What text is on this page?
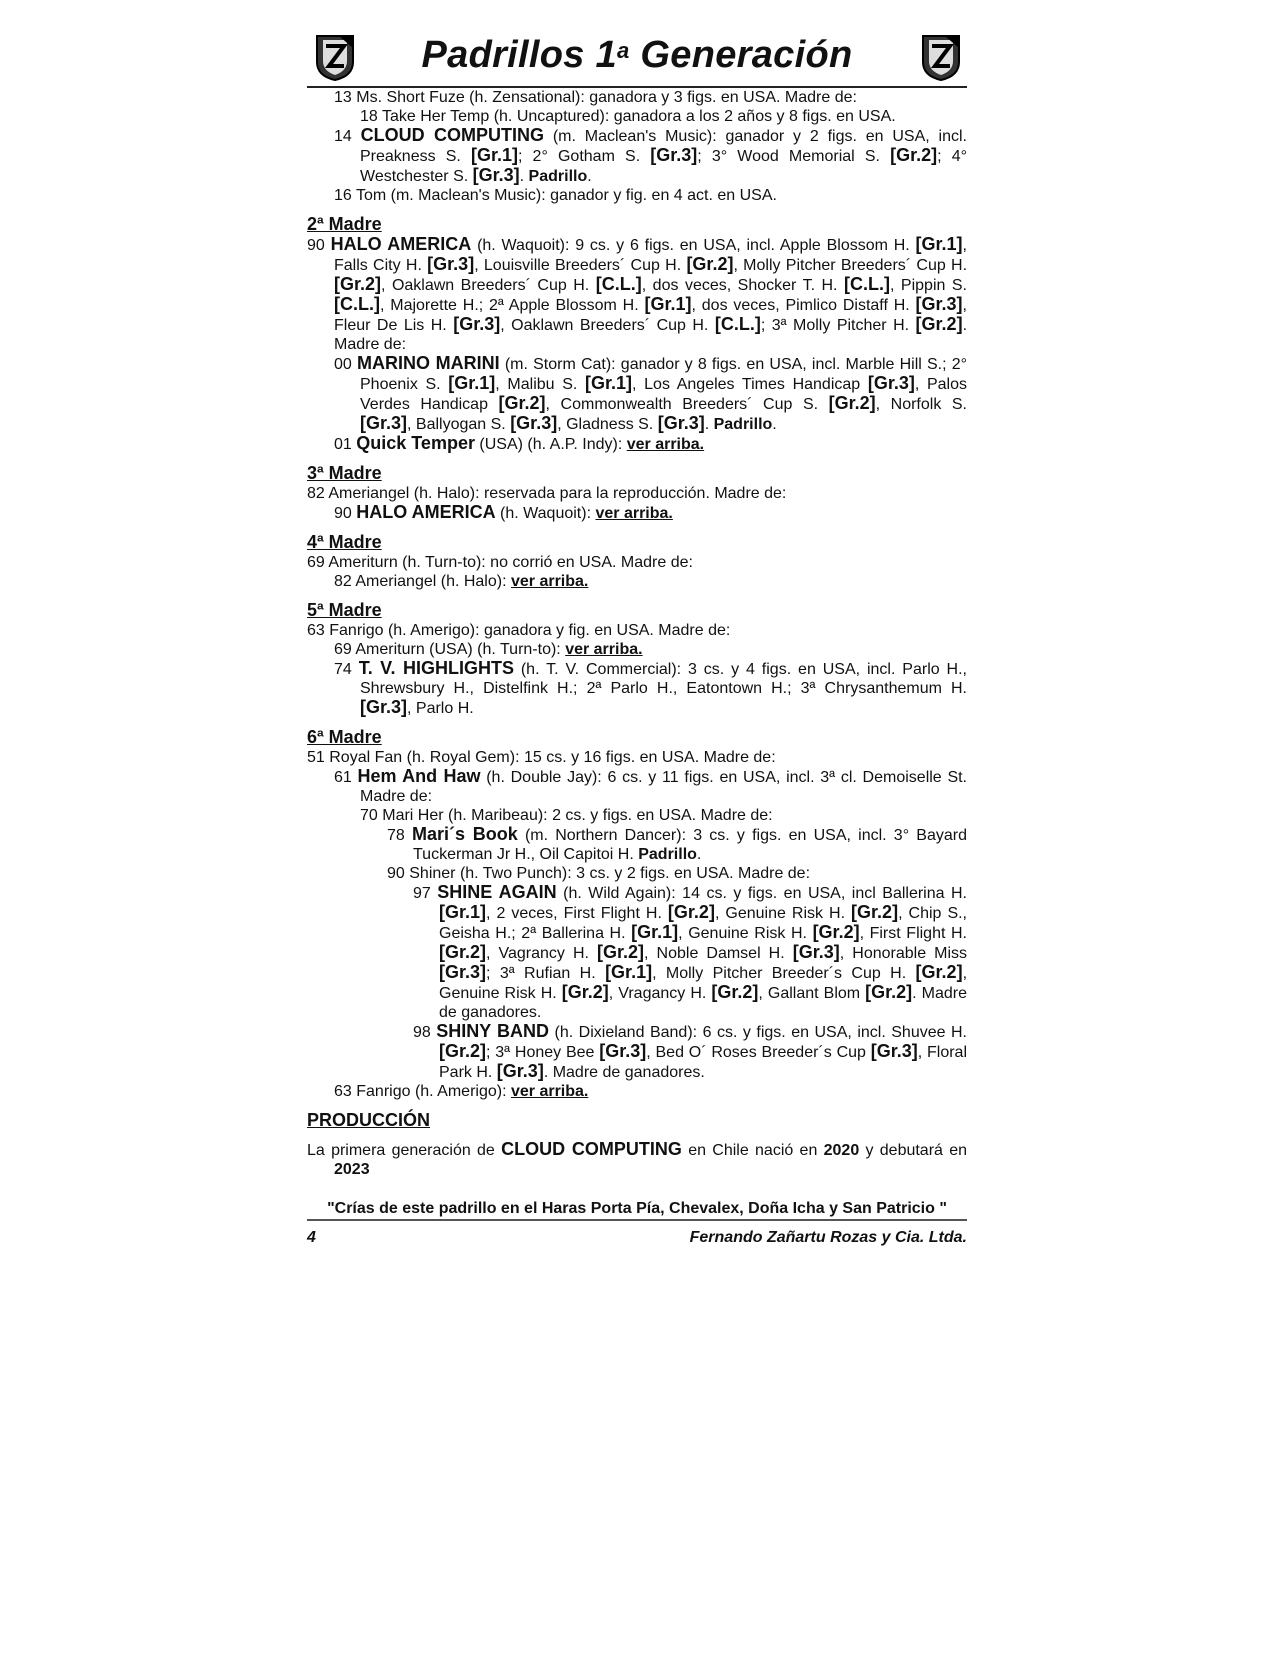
Padrillos 1$^a$ Generación

13 Ms. Short Fuze (h. Zensational): ganadora y 3 figs. en USA. Madre de:

18 Take Her Temp (h. Uncaptured): ganadora a los 2 años y 8 figs. en USA.

14 CLOUD COMPUTING (m. Maclean's Music): ganador y 2 figs. en USA, incl. Preakness S. [Gr.1]; 2° Gotham S. [Gr.3]; 3° Wood Memorial S. [Gr.2]; 4° Westchester S. [Gr.3]. Padrillo.

16 Tom (m. Maclean's Music): ganador y fig. en 4 act. en USA.

2ª Madre

90 HALO AMERICA (h. Waquoit): 9 cs. y 6 figs. en USA, incl. Apple Blossom H. [Gr.1], Falls City H. [Gr.3], Louisville Breeders´ Cup H. [Gr.2], Molly Pitcher Breeders´ Cup H. [Gr.2], Oaklawn Breeders´ Cup H. [C.L.], dos veces, Shocker T. H. [C.L.], Pippin S. [C.L.], Majorette H.; 2ª Apple Blossom H. [Gr.1], dos veces, Pimlico Distaff H. [Gr.3], Fleur De Lis H. [Gr.3], Oaklawn Breeders´ Cup H. [C.L.]; 3ª Molly Pitcher H. [Gr.2]. Madre de:

00 MARINO MARINI (m. Storm Cat): ganador y 8 figs. en USA, incl. Marble Hill S.; 2° Phoenix S. [Gr.1], Malibu S. [Gr.1], Los Angeles Times Handicap [Gr.3], Palos Verdes Handicap [Gr.2], Commonwealth Breeders´ Cup S. [Gr.2], Norfolk S. [Gr.3], Ballyogan S. [Gr.3], Gladness S. [Gr.3]. Padrillo.

01 Quick Temper (USA) (h. A.P. Indy): ver arriba.

3ª Madre

82 Ameriangel (h. Halo): reservada para la reproducción. Madre de:

90 HALO AMERICA (h. Waquoit): ver arriba.

4ª Madre

69 Ameriturn (h. Turn-to): no corrió en USA. Madre de:

82 Ameriangel (h. Halo): ver arriba.

5ª Madre

63 Fanrigo (h. Amerigo): ganadora y fig. en USA. Madre de:

69 Ameriturn (USA) (h. Turn-to): ver arriba.

74 T. V. HIGHLIGHTS (h. T. V. Commercial): 3 cs. y 4 figs. en USA, incl. Parlo H., Shrewsbury H., Distelfink H.; 2ª Parlo H., Eatontown H.; 3ª Chrysanthemum H. [Gr.3], Parlo H.

6ª Madre

51 Royal Fan (h. Royal Gem): 15 cs. y 16 figs. en USA. Madre de:

61 Hem And Haw (h. Double Jay): 6 cs. y 11 figs. en USA, incl. 3ª cl. Demoiselle St. Madre de:

70 Mari Her (h. Maribeau): 2 cs. y figs. en USA. Madre de:

78 Mari´s Book (m. Northern Dancer): 3 cs. y figs. en USA, incl. 3° Bayard Tuckerman Jr H., Oil Capitoi H. Padrillo.

90 Shiner (h. Two Punch): 3 cs. y 2 figs. en USA. Madre de:

97 SHINE AGAIN (h. Wild Again): 14 cs. y figs. en USA, incl Ballerina H. [Gr.1], 2 veces, First Flight H. [Gr.2], Genuine Risk H. [Gr.2], Chip S., Geisha H.; 2ª Ballerina H. [Gr.1], Genuine Risk H. [Gr.2], First Flight H. [Gr.2], Vagrancy H. [Gr.2], Noble Damsel H. [Gr.3], Honorable Miss [Gr.3]; 3ª Rufian H. [Gr.1], Molly Pitcher Breeder´s Cup H. [Gr.2], Genuine Risk H. [Gr.2], Vragancy H. [Gr.2], Gallant Blom [Gr.2]. Madre de ganadores.

98 SHINY BAND (h. Dixieland Band): 6 cs. y figs. en USA, incl. Shuvee H. [Gr.2]; 3ª Honey Bee [Gr.3], Bed O´ Roses Breeder´s Cup [Gr.3], Floral Park H. [Gr.3]. Madre de ganadores.

63 Fanrigo (h. Amerigo): ver arriba.

PRODUCCIÓN

La primera generación de CLOUD COMPUTING en Chile nació en 2020 y debutará en 2023

"Crías de este padrillo en el Haras Porta Pía, Chevalex, Doña Icha y San Patricio "

4	Fernando Zañartu Rozas y Cia. Ltda.
